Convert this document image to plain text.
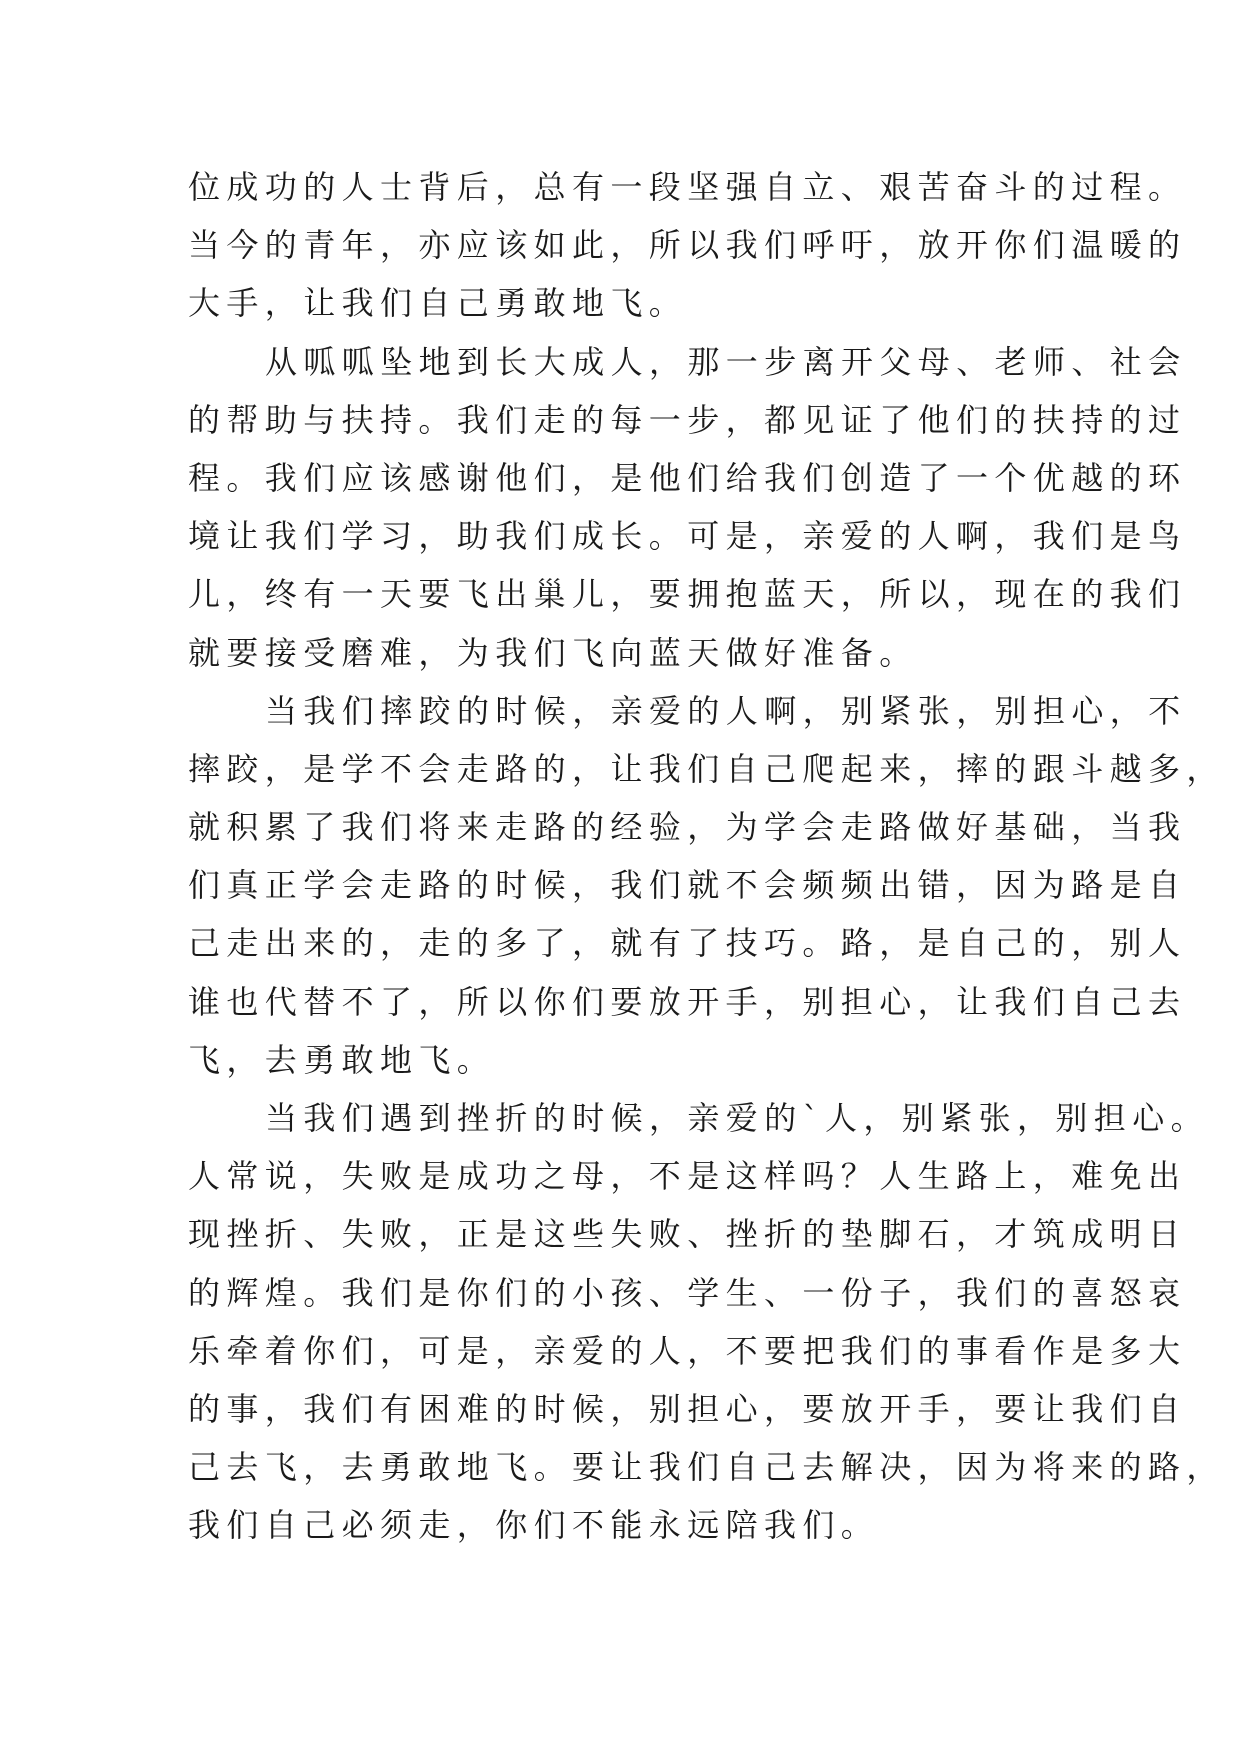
位成功的人士背后，总有一段坚强自立、艰苦奋斗的过程。
当今的青年，亦应该如此，所以我们呼吁，放开你们温暖的
大手，让我们自己勇敢地飞。
从呱呱坠地到长大成人，那一步离开父母、老师、社会
的帮助与扶持。我们走的每一步，都见证了他们的扶持的过
程。我们应该感谢他们，是他们给我们创造了一个优越的环
境让我们学习，助我们成长。可是，亲爱的人啊，我们是鸟
儿，终有一天要飞出巢儿，要拥抱蓝天，所以，现在的我们
就要接受磨难，为我们飞向蓝天做好准备。
当我们摔跤的时候，亲爱的人啊，别紧张，别担心，不
摔跤，是学不会走路的，让我们自己爬起来，摔的跟斗越多，
就积累了我们将来走路的经验，为学会走路做好基础，当我
们真正学会走路的时候，我们就不会频频出错，因为路是自
己走出来的，走的多了，就有了技巧。路，是自己的，别人
谁也代替不了，所以你们要放开手，别担心，让我们自己去
飞，去勇敢地飞。
当我们遇到挫折的时候，亲爱的`人，别紧张，别担心。
人常说，失败是成功之母，不是这样吗？人生路上，难免出
现挫折、失败，正是这些失败、挫折的垫脚石，才筑成明日
的辉煌。我们是你们的小孩、学生、一份子，我们的喜怒哀
乐牵着你们，可是，亲爱的人，不要把我们的事看作是多大
的事，我们有困难的时候，别担心，要放开手，要让我们自
己去飞，去勇敢地飞。要让我们自己去解决，因为将来的路，
我们自己必须走，你们不能永远陪我们。
